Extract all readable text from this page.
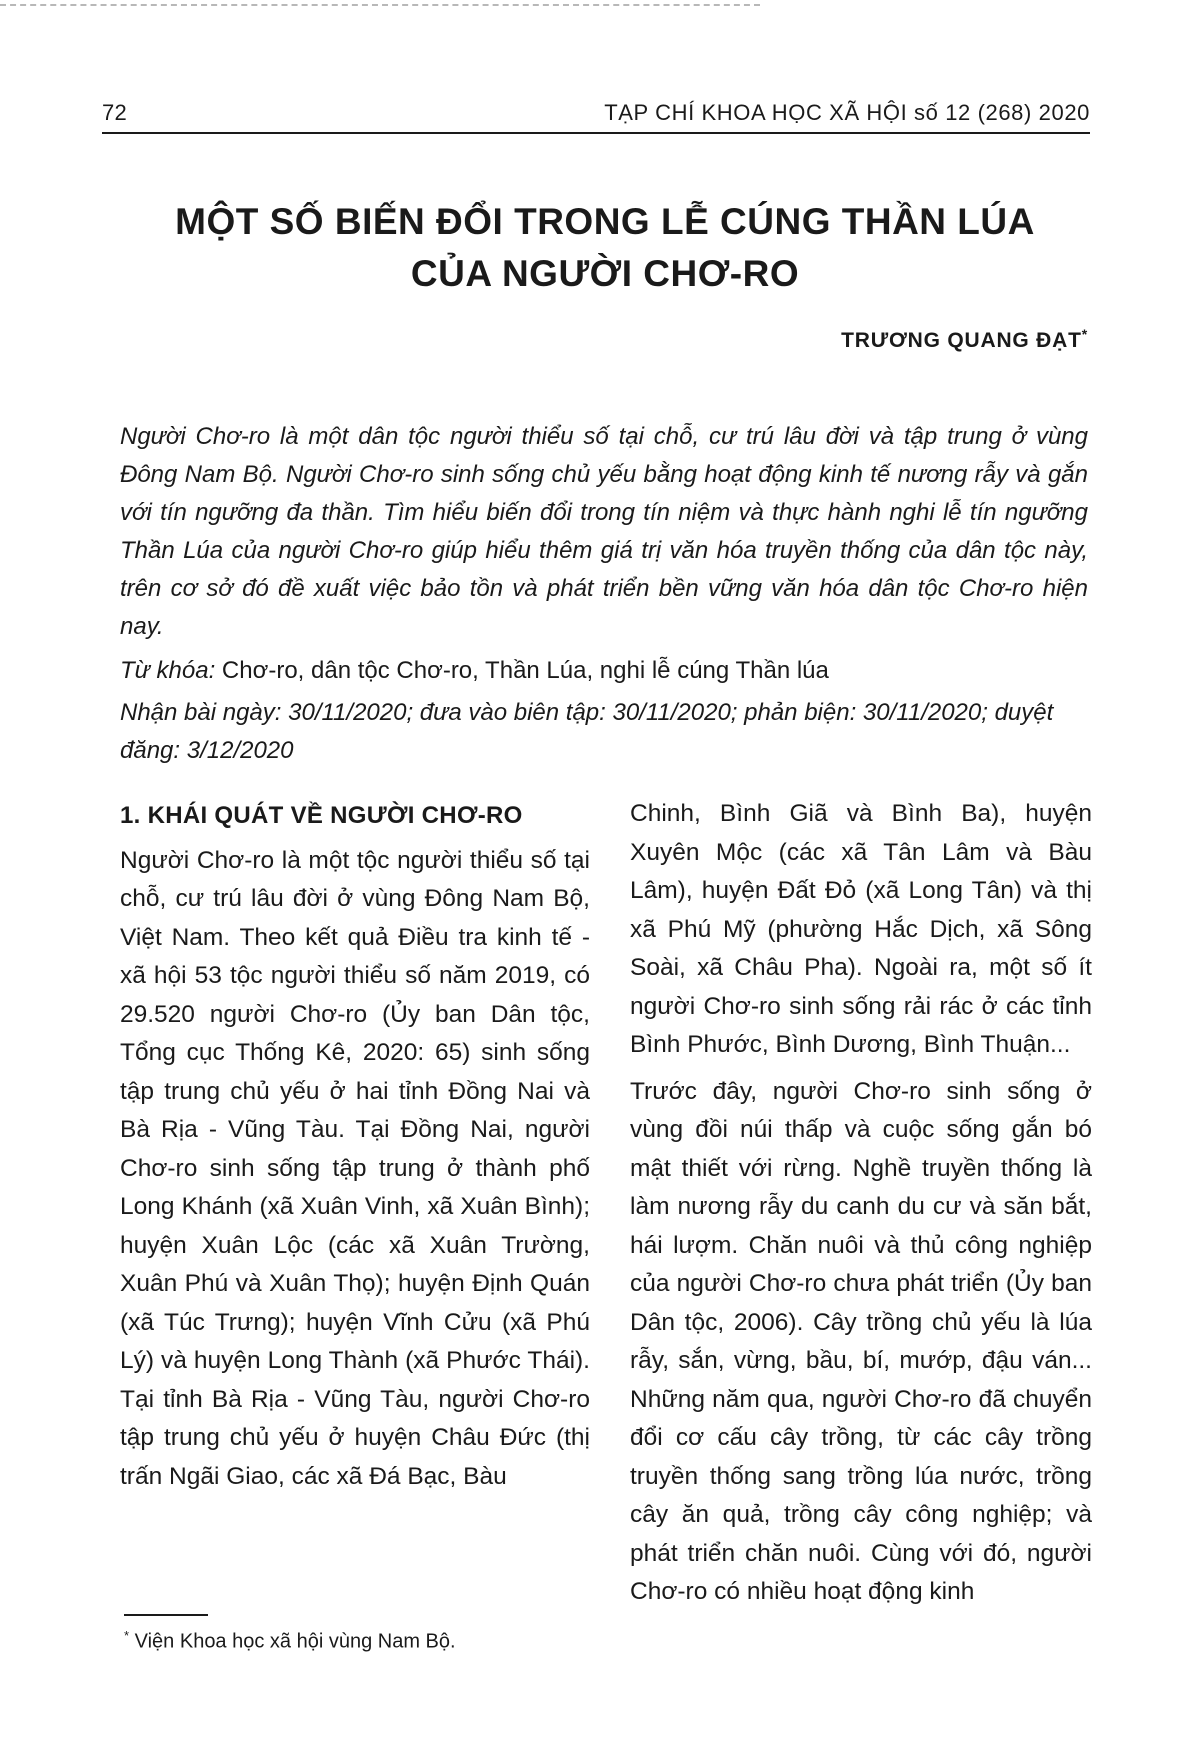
72	TẠP CHÍ KHOA HỌC XÃ HỘI số 12 (268) 2020
MỘT SỐ BIẾN ĐỔI TRONG LỄ CÚNG THẦN LÚA
CỦA NGƯỜI CHƠ-RO
TRƯƠNG QUANG ĐẠT*
Người Chơ-ro là một dân tộc người thiểu số tại chỗ, cư trú lâu đời và tập trung ở vùng Đông Nam Bộ. Người Chơ-ro sinh sống chủ yếu bằng hoạt động kinh tế nương rẫy và gắn với tín ngưỡng đa thần. Tìm hiểu biến đổi trong tín niệm và thực hành nghi lễ tín ngưỡng Thần Lúa của người Chơ-ro giúp hiểu thêm giá trị văn hóa truyền thống của dân tộc này, trên cơ sở đó đề xuất việc bảo tồn và phát triển bền vững văn hóa dân tộc Chơ-ro hiện nay.
Từ khóa: Chơ-ro, dân tộc Chơ-ro, Thần Lúa, nghi lễ cúng Thần lúa
Nhận bài ngày: 30/11/2020; đưa vào biên tập: 30/11/2020; phản biện: 30/11/2020; duyệt đăng: 3/12/2020
1. KHÁI QUÁT VỀ NGƯỜI CHƠ-RO

Người Chơ-ro là một tộc người thiểu số tại chỗ, cư trú lâu đời ở vùng Đông Nam Bộ, Việt Nam. Theo kết quả Điều tra kinh tế - xã hội 53 tộc người thiểu số năm 2019, có 29.520 người Chơ-ro (Ủy ban Dân tộc, Tổng cục Thống Kê, 2020: 65) sinh sống tập trung chủ yếu ở hai tỉnh Đồng Nai và Bà Rịa - Vũng Tàu. Tại Đồng Nai, người Chơ-ro sinh sống tập trung ở thành phố Long Khánh (xã Xuân Vinh, xã Xuân Bình); huyện Xuân Lộc (các xã Xuân Trường, Xuân Phú và Xuân Thọ); huyện Định Quán (xã Túc Trưng); huyện Vĩnh Cửu (xã Phú Lý) và huyện Long Thành (xã Phước Thái). Tại tỉnh Bà Rịa - Vũng Tàu, người Chơ-ro tập trung chủ yếu ở huyện Châu Đức (thị trấn Ngãi Giao, các xã Đá Bạc, Bàu

Chinh, Bình Giã và Bình Ba), huyện Xuyên Mộc (các xã Tân Lâm và Bàu Lâm), huyện Đất Đỏ (xã Long Tân) và thị xã Phú Mỹ (phường Hắc Dịch, xã Sông Soài, xã Châu Pha). Ngoài ra, một số ít người Chơ-ro sinh sống rải rác ở các tỉnh Bình Phước, Bình Dương, Bình Thuận...

Trước đây, người Chơ-ro sinh sống ở vùng đồi núi thấp và cuộc sống gắn bó mật thiết với rừng. Nghề truyền thống là làm nương rẫy du canh du cư và săn bắt, hái lượm. Chăn nuôi và thủ công nghiệp của người Chơ-ro chưa phát triển (Ủy ban Dân tộc, 2006). Cây trồng chủ yếu là lúa rẫy, sắn, vừng, bầu, bí, mướp, đậu ván... Những năm qua, người Chơ-ro đã chuyển đổi cơ cấu cây trồng, từ các cây trồng truyền thống sang trồng lúa nước, trồng cây ăn quả, trồng cây công nghiệp; và phát triển chăn nuôi. Cùng với đó, người Chơ-ro có nhiều hoạt động kinh

* Viện Khoa học xã hội vùng Nam Bộ.
